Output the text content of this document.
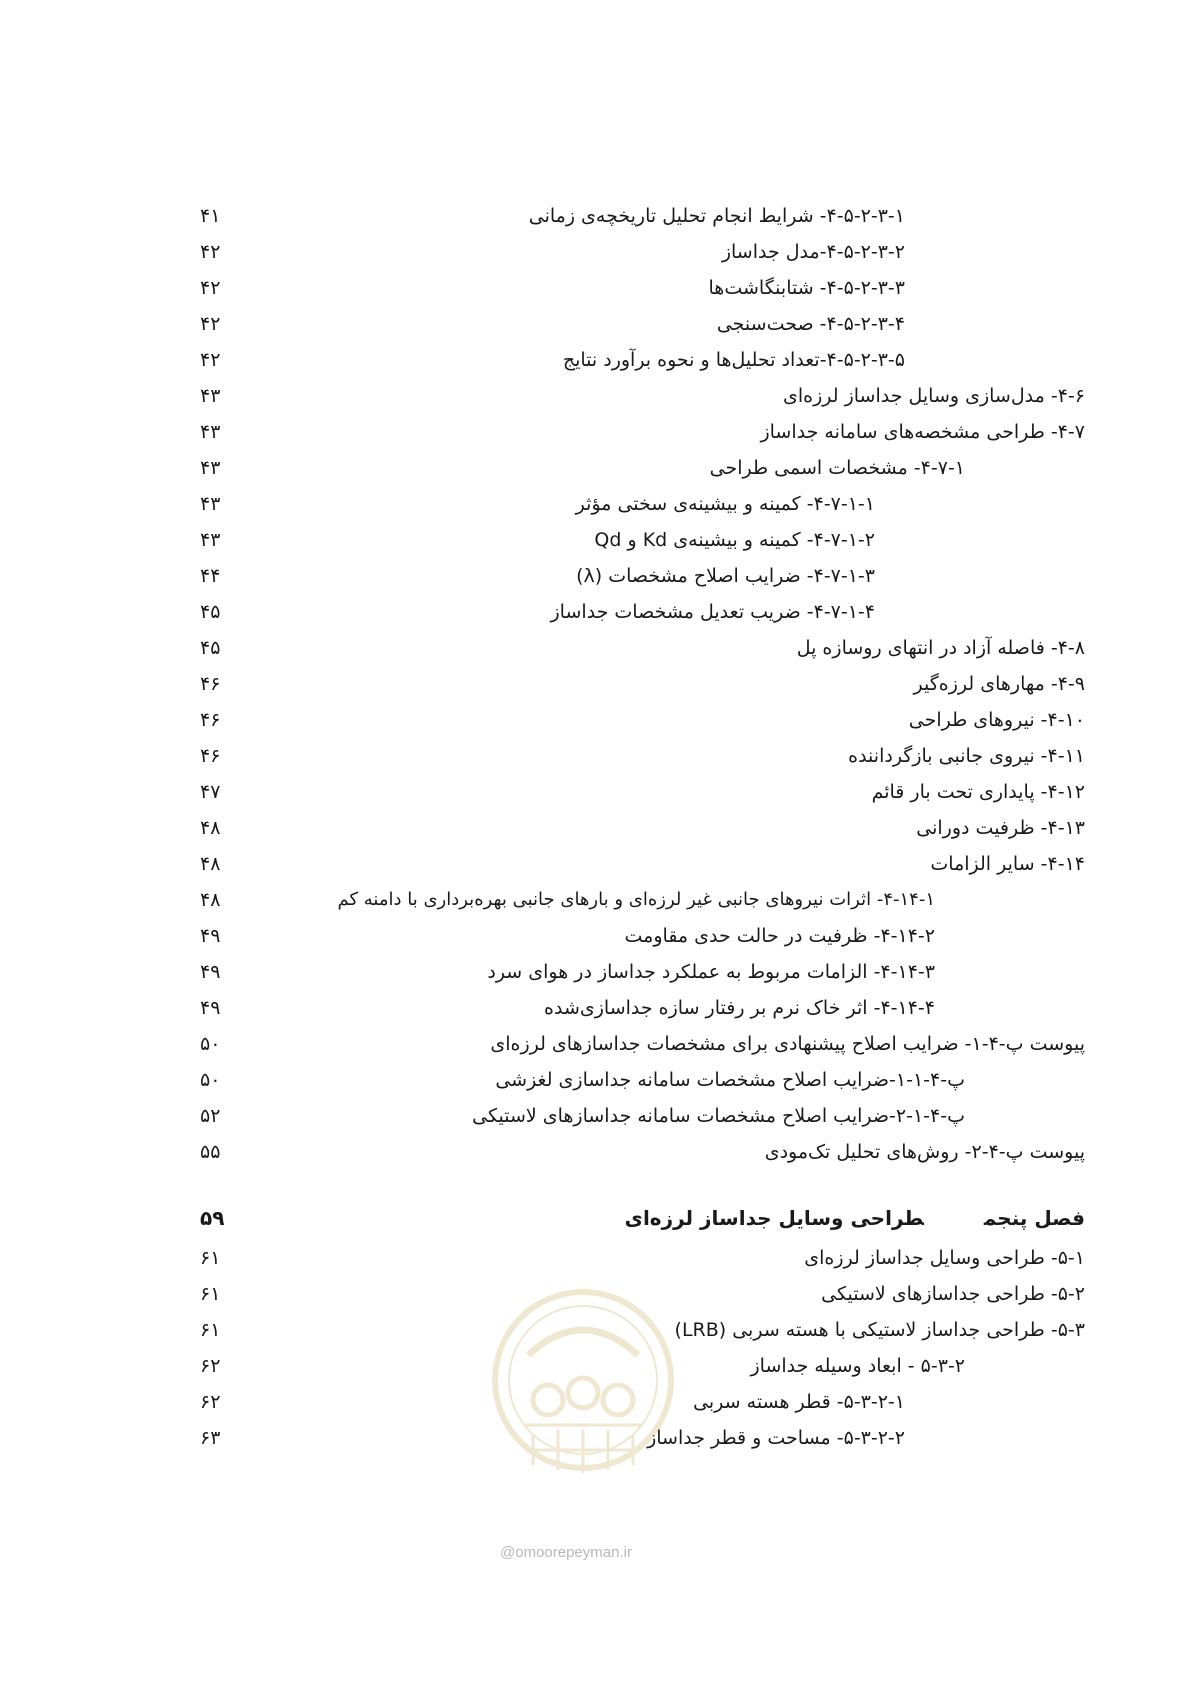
۴-۵-۲-۳-۱- شرایط انجام تحلیل تاریخچه‌ی زمانی
۴۱
۴-۵-۲-۳-۲-مدل جداساز
۴۲
۴-۵-۲-۳-۳- شتابنگاشت‌ها
۴۲
۴-۵-۲-۳-۴- صحت‌سنجی
۴۲
۴-۵-۲-۳-۵-تعداد تحلیل‌ها و نحوه برآورد نتایج
۴۲
۴-۶- مدل‌سازی وسایل جداساز لرزه‌ای
۴۳
۴-۷- طراحی مشخصه‌های سامانه جداساز
۴۳
۴-۷-۱- مشخصات اسمی طراحی
۴۳
۴-۷-۱-۱- کمینه و بیشینه‌ی سختی مؤثر
۴۳
۴-۷-۱-۲- کمینه و بیشینه‌ی Kd و Qd
۴۳
۴-۷-۱-۳- ضرایب اصلاح مشخصات (λ)
۴۴
۴-۷-۱-۴- ضریب تعدیل مشخصات جداساز
۴۵
۴-۸- فاصله آزاد در انتهای روسازه پل
۴۵
۴-۹- مهارهای لرزه‌گیر
۴۶
۴-۱۰- نیروهای طراحی
۴۶
۴-۱۱- نیروی جانبی بازگرداننده
۴۶
۴-۱۲- پایداری تحت بار قائم
۴۷
۴-۱۳- ظرفیت دورانی
۴۸
۴-۱۴- سایر الزامات
۴۸
۴-۱۴-۱- اثرات نیروهای جانبی غیر لرزه‌ای و بارهای جانبی بهره‌برداری با دامنه کم
۴۸
۴-۱۴-۲- ظرفیت در حالت حدی مقاومت
۴۹
۴-۱۴-۳- الزامات مربوط به عملکرد جداساز در هوای سرد
۴۹
۴-۱۴-۴- اثر خاک نرم بر رفتار سازه جداسازی‌شده
۴۹
پیوست پ-۴-۱- ضرایب اصلاح پیشنهادی برای مشخصات جداسازهای لرزه‌ای
۵۰
پ-۴-۱-۱-ضرایب اصلاح مشخصات سامانه جداسازی لغزشی
۵۰
پ-۴-۱-۲-ضرایب اصلاح مشخصات سامانه جداسازهای لاستیکی
۵۲
پیوست پ-۴-۲- روش‌های تحلیل تک‌مودی
۵۵
فصل پنجمطراحی وسایل جداساز لرزه‌ای
۵۹
۵-۱- طراحی وسایل جداساز لرزه‌ای
۶۱
۵-۲- طراحی جداسازهای لاستیکی
۶۱
۵-۳- طراحی جداساز لاستیکی با هسته سربی (LRB)
۶۱
۵-۳-۲ - ابعاد وسیله جداساز
۶۲
۵-۳-۲-۱- قطر هسته سربی
۶۲
۵-۳-۲-۲- مساحت و قطر جداساز
۶۳
@omoorepeyman.ir
